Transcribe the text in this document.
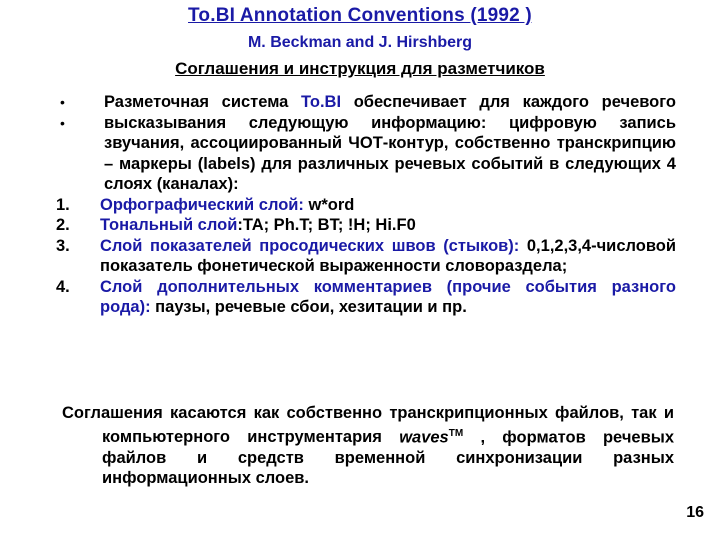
To.BI Annotation Conventions (1992 )
M. Beckman and J. Hirshberg
Соглашения и инструкция для разметчиков
•
•
Разметочная система To.BI обеспечивает для каждого речевого высказывания следующую информацию: цифровую запись звучания, ассоциированный ЧОТ-контур, собственно транскрипцию – маркеры (labels) для различных речевых событий в следующих 4 слоях (каналах):
1.	Орфографический слой: w*ord
2.	Тональный слой:TA; Ph.T; BT; !H; Hi.F0
3.	Слой показателей просодических швов (стыков): 0,1,2,3,4-числовой показатель фонетической выраженности словораздела;
4.	Слой дополнительных комментариев (прочие события разного рода): паузы, речевые сбои, хезитации и пр.
Соглашения касаются как собственно транскрипционных файлов, так и компьютерного инструментария waves™ , форматов речевых файлов и средств временной синхронизации разных информационных слоев.
16
